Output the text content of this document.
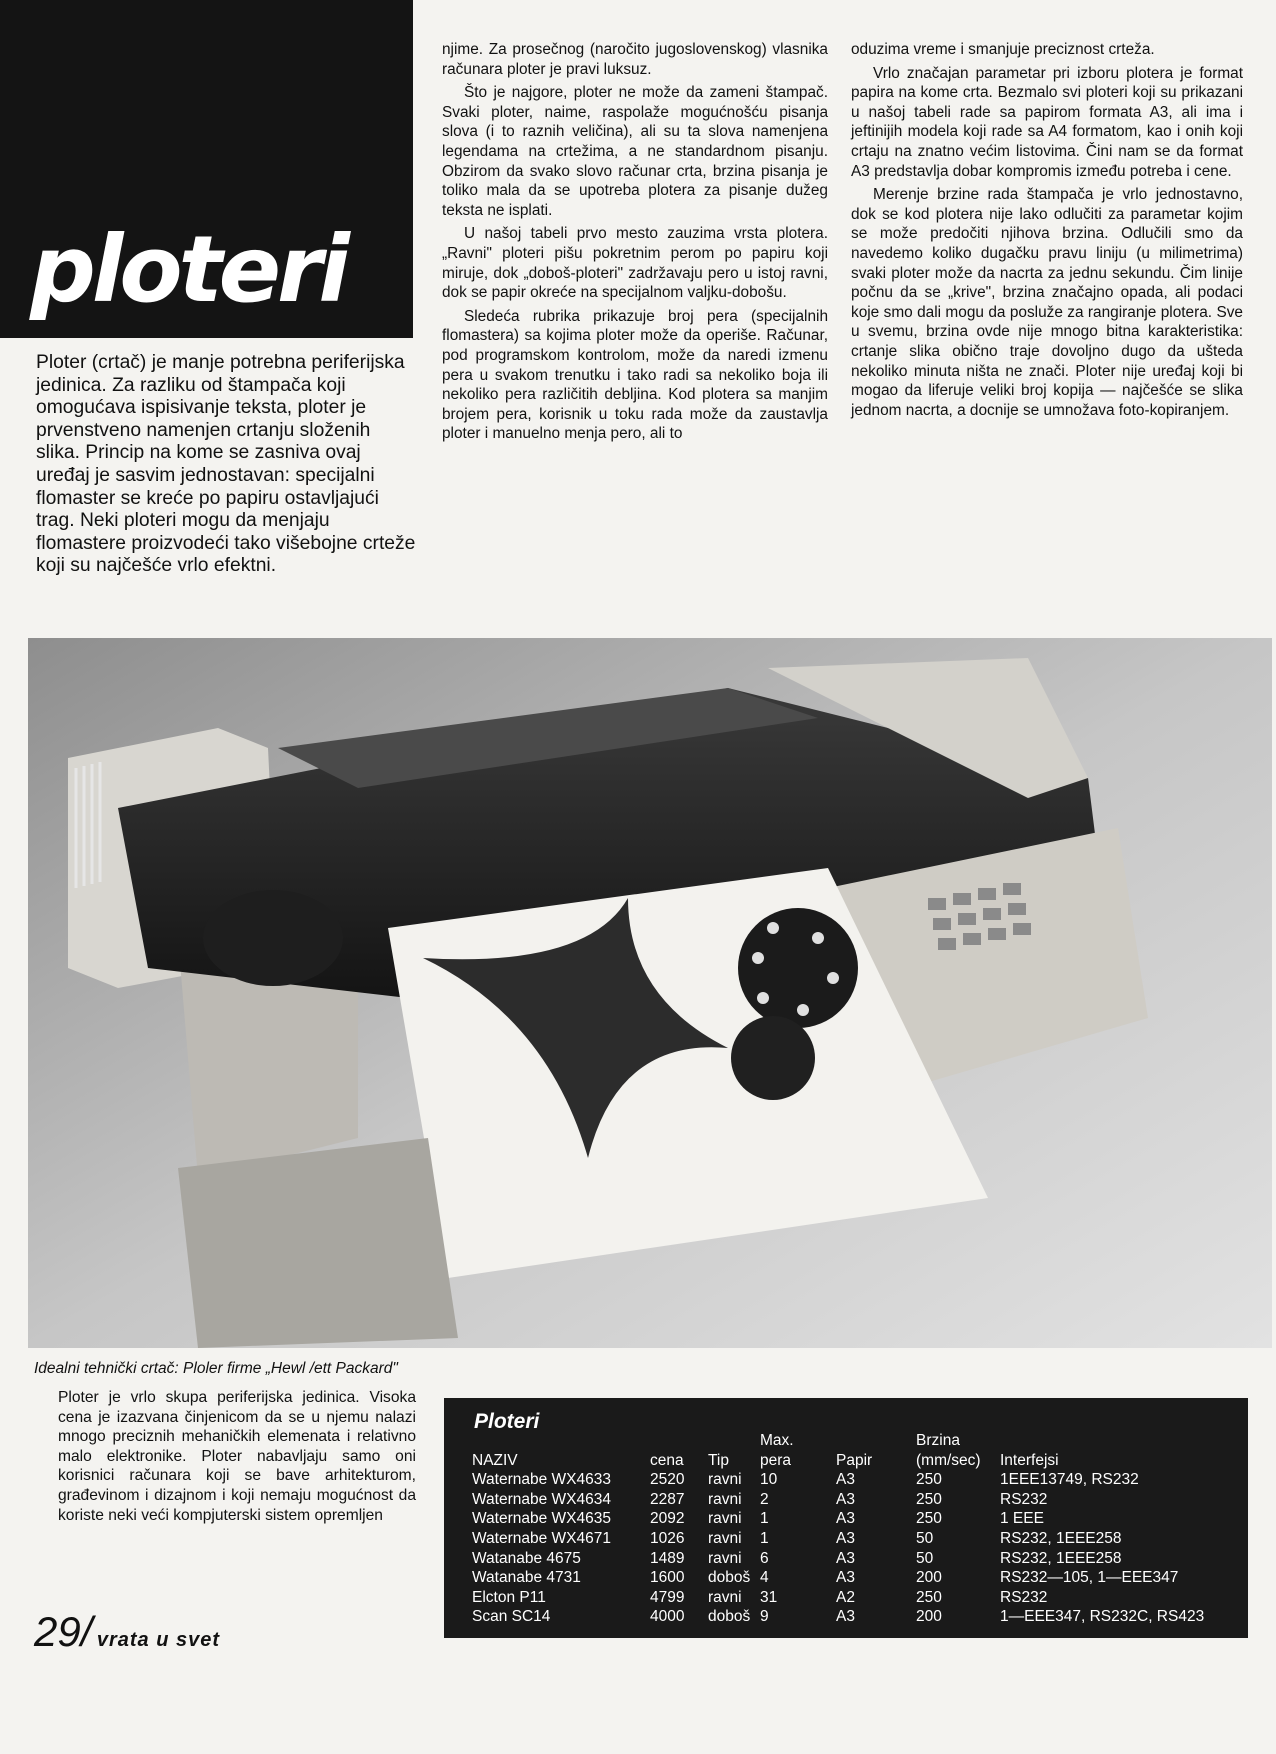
ploteri
Ploter (crtač) je manje potrebna periferijska jedinica. Za razliku od štampača koji omogućava ispisivanje teksta, ploter je prvenstveno namenjen crtanju složenih slika. Princip na kome se zasniva ovaj uređaj je sasvim jednostavan: specijalni flomaster se kreće po papiru ostavljajući trag. Neki ploteri mogu da menjaju flomastere proizvodeći tako višebojne crteže koji su najčešće vrlo efektni.

njime. Za prosečnog (naročito jugoslovenskog) vlasnika računara ploter je pravi luksuz.

Što je najgore, ploter ne može da zameni štampač. Svaki ploter, naime, raspolaže mogućnošću pisanja slova (i to raznih veličina), ali su ta slova namenjena legendama na crtežima, a ne standardnom pisanju. Obzirom da svako slovo računar crta, brzina pisanja je toliko mala da se upotreba plotera za pisanje dužeg teksta ne isplati.

U našoj tabeli prvo mesto zauzima vrsta plotera. „Ravni" ploteri pišu pokretnim perom po papiru koji miruje, dok „doboš-ploteri" zadržavaju pero u istoj ravni, dok se papir okreće na specijalnom valjku-dobošu.

Sledeća rubrika prikazuje broj pera (specijalnih flomastera) sa kojima ploter može da operiše. Računar, pod programskom kontrolom, može da naredi izmenu pera u svakom trenutku i tako radi sa nekoliko boja ili nekoliko pera različitih debljina. Kod plotera sa manjim brojem pera, korisnik u toku rada može da zaustavlja ploter i manuelno menja pero, ali to

oduzima vreme i smanjuje preciznost crteža.

Vrlo značajan parametar pri izboru plotera je format papira na kome crta. Bezmalo svi ploteri koji su prikazani u našoj tabeli rade sa papirom formata A3, ali ima i jeftinijih modela koji rade sa A4 formatom, kao i onih koji crtaju na znatno većim listovima. Čini nam se da format A3 predstavlja dobar kompromis između potreba i cene.

Merenje brzine rada štampača je vrlo jednostavno, dok se kod plotera nije lako odlučiti za parametar kojim se može predočiti njihova brzina. Odlučili smo da navedemo koliko dugačku pravu liniju (u milimetrima) svaki ploter može da nacrta za jednu sekundu. Čim linije počnu da se „krive", brzina značajno opada, ali podaci koje smo dali mogu da posluže za rangiranje plotera. Sve u svemu, brzina ovde nije mnogo bitna karakteristika: crtanje slika obično traje dovoljno dugo da ušteda nekoliko minuta ništa ne znači. Ploter nije uređaj koji bi mogao da liferuje veliki broj kopija — najčešće se slika jednom nacrta, a docnije se umnožava foto-kopiranjem.

Idealni tehnički crtač: Ploler firme „Hewl /ett Packard"
Ploter je vrlo skupa periferijska jedinica. Visoka cena je izazvana činjenicom da se u njemu nalazi mnogo preciznih mehaničkih elemenata i relativno malo elektronike. Ploter nabavljaju samo oni korisnici računara koji se bave arhitekturom, građevinom i dizajnom i koji nemaju mogućnost da koriste neki veći kompjuterski sistem opremljen
29/ vrata u svet
Ploteri
			Max.		Brzina	
NAZIV	cena	Tip	pera	Papir	(mm/sec)	Interfejsi
Waternabe WX4633	2520	ravni	10	A3	250	1EEE13749, RS232
Waternabe WX4634	2287	ravni	2	A3	250	RS232
Waternabe WX4635	2092	ravni	1	A3	250	1 EEE
Waternabe WX4671	1026	ravni	1	A3	50	RS232, 1EEE258
Watanabe 4675	1489	ravni	6	A3	50	RS232, 1EEE258
Watanabe 4731	1600	doboš	4	A3	200	RS232—105, 1—EEE347
Elcton P11	4799	ravni	31	A2	250	RS232
Scan SC14	4000	doboš	9	A3	200	1—EEE347, RS232C, RS423
